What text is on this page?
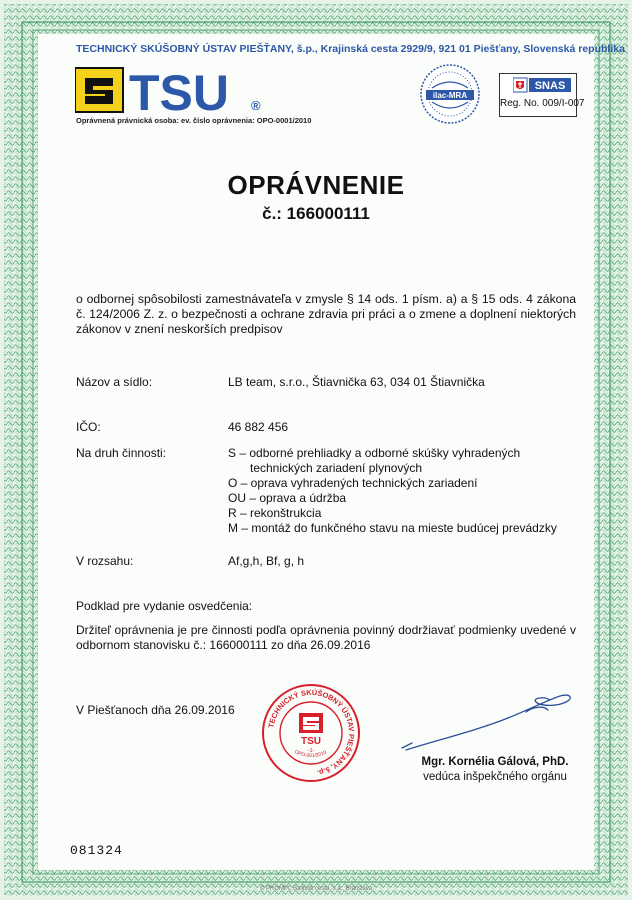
TECHNICKÝ SKÚŠOBNÝ ÚSTAV PIEŠŤANY, š.p., Krajinská cesta 2929/9, 921 01 Piešťany, Slovenská republika
TSU ®
Oprávnená právnická osoba: ev. číslo oprávnenia: OPO-0001/2010
ilac-MRA
SNAS
Reg. No. 009/I-007
OPRÁVNENIE
č.: 166000111
o odbornej spôsobilosti zamestnávateľa v zmysle § 14 ods. 1 písm. a) a § 15 ods. 4 zákona č. 124/2006 Z. z. o bezpečnosti a ochrane zdravia pri práci a o zmene a doplnení niektorých zákonov v znení neskorších predpisov
Názov a sídlo:	LB team, s.r.o., Štiavnička 63, 034 01 Štiavnička
IČO:	46 882 456
Na druh činnosti:	S – odborné prehliadky a odborné skúšky vyhradených
technických zariadení plynových
O – oprava vyhradených technických zariadení
OU – oprava a údržba
R – rekonštrukcia
M – montáž do funkčného stavu na mieste budúcej prevádzky
V rozsahu:	Af,g,h, Bf, g, h
Podklad pre vydanie osvedčenia:
Držiteľ oprávnenia je pre činnosti podľa oprávnenia povinný dodržiavať podmienky uvedené v odbornom stanovisku č.: 166000111 zo dňa 26.09.2016
V Piešťanoch dňa 26.09.2016
TECHNICKÝ SKÚŠOBNÝ ÚSTAV PIEŠŤANY, š.p.
TSU
-1-
OPO-001/2010
Mgr. Kornélia Gálová, PhD.
vedúca inšpekčného orgánu
081324
© PROMPt, Ballistik cesta, s.a., Bratislava
